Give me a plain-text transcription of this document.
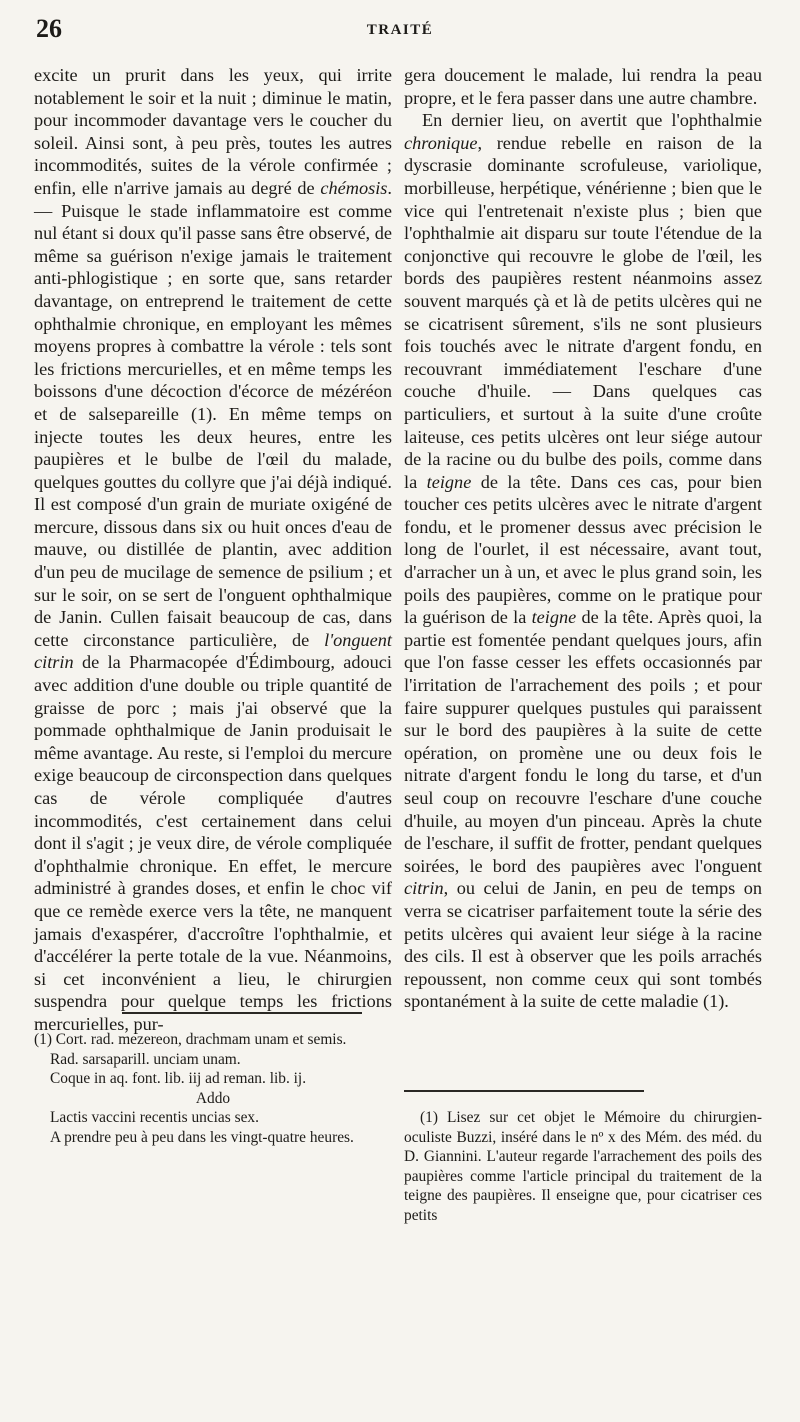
26	TRAITÉ

excite un prurit dans les yeux, qui irrite notablement le soir et la nuit ; diminue le matin, pour incommoder davantage vers le coucher du soleil. Ainsi sont, à peu près, toutes les autres incommodités, suites de la vérole confirmée ; enfin, elle n'arrive jamais au degré de chémosis. — Puisque le stade inflammatoire est comme nul étant si doux qu'il passe sans être observé, de même sa guérison n'exige jamais le traitement anti-phlogistique ; en sorte que, sans retarder davantage, on entreprend le traitement de cette ophthalmie chronique, en employant les mêmes moyens propres à combattre la vérole : tels sont les frictions mercurielles, et en même temps les boissons d'une décoction d'écorce de mézéréon et de salsepareille (1). En même temps on injecte toutes les deux heures, entre les paupières et le bulbe de l'œil du malade, quelques gouttes du collyre que j'ai déjà indiqué. Il est composé d'un grain de muriate oxigéné de mercure, dissous dans six ou huit onces d'eau de mauve, ou distillée de plantin, avec addition d'un peu de mucilage de semence de psilium ; et sur le soir, on se sert de l'onguent ophthalmique de Janin. Cullen faisait beaucoup de cas, dans cette circonstance particulière, de l'onguent citrin de la Pharmacopée d'Édimbourg, adouci avec addition d'une double ou triple quantité de graisse de porc ; mais j'ai observé que la pommade ophthalmique de Janin produisait le même avantage. Au reste, si l'emploi du mercure exige beaucoup de circonspection dans quelques cas de vérole compliquée d'autres incommodités, c'est certainement dans celui dont il s'agit ; je veux dire, de vérole compliquée d'ophthalmie chronique. En effet, le mercure administré à grandes doses, et enfin le choc vif que ce remède exerce vers la tête, ne manquent jamais d'exaspérer, d'accroître l'ophthalmie, et d'accélérer la perte totale de la vue. Néanmoins, si cet inconvénient a lieu, le chirurgien suspendra pour quelque temps les frictions mercurielles, pur-

gera doucement le malade, lui rendra la peau propre, et le fera passer dans une autre chambre.

En dernier lieu, on avertit que l'ophthalmie chronique, rendue rebelle en raison de la dyscrasie dominante scrofuleuse, variolique, morbilleuse, herpétique, vénérienne ; bien que le vice qui l'entretenait n'existe plus ; bien que l'ophthalmie ait disparu sur toute l'étendue de la conjonctive qui recouvre le globe de l'œil, les bords des paupières restent néanmoins assez souvent marqués çà et là de petits ulcères qui ne se cicatrisent sûrement, s'ils ne sont plusieurs fois touchés avec le nitrate d'argent fondu, en recouvrant immédiatement l'eschare d'une couche d'huile. — Dans quelques cas particuliers, et surtout à la suite d'une croûte laiteuse, ces petits ulcères ont leur siége autour de la racine ou du bulbe des poils, comme dans la teigne de la tête. Dans ces cas, pour bien toucher ces petits ulcères avec le nitrate d'argent fondu, et le promener dessus avec précision le long de l'ourlet, il est nécessaire, avant tout, d'arracher un à un, et avec le plus grand soin, les poils des paupières, comme on le pratique pour la guérison de la teigne de la tête. Après quoi, la partie est fomentée pendant quelques jours, afin que l'on fasse cesser les effets occasionnés par l'irritation de l'arrachement des poils ; et pour faire suppurer quelques pustules qui paraissent sur le bord des paupières à la suite de cette opération, on promène une ou deux fois le nitrate d'argent fondu le long du tarse, et d'un seul coup on recouvre l'eschare d'une couche d'huile, au moyen d'un pinceau. Après la chute de l'eschare, il suffit de frotter, pendant quelques soirées, le bord des paupières avec l'onguent citrin, ou celui de Janin, en peu de temps on verra se cicatriser parfaitement toute la série des petits ulcères qui avaient leur siége à la racine des cils. Il est à observer que les poils arrachés repoussent, non comme ceux qui sont tombés spontanément à la suite de cette maladie (1).

(1) Cort. rad. mezereon, drachmam unam et semis.

Rad. sarsaparill. unciam unam.

Coque in aq. font. lib. iij ad reman. lib. ij.

Addo

Lactis vaccini recentis uncias sex.

A prendre peu à peu dans les vingt-quatre heures.

(1) Lisez sur cet objet le Mémoire du chirurgien-oculiste Buzzi, inséré dans le nº x des Mém. des méd. du D. Giannini. L'auteur regarde l'arrachement des poils des paupières comme l'article principal du traitement de la teigne des paupières. Il enseigne que, pour cicatriser ces petits
